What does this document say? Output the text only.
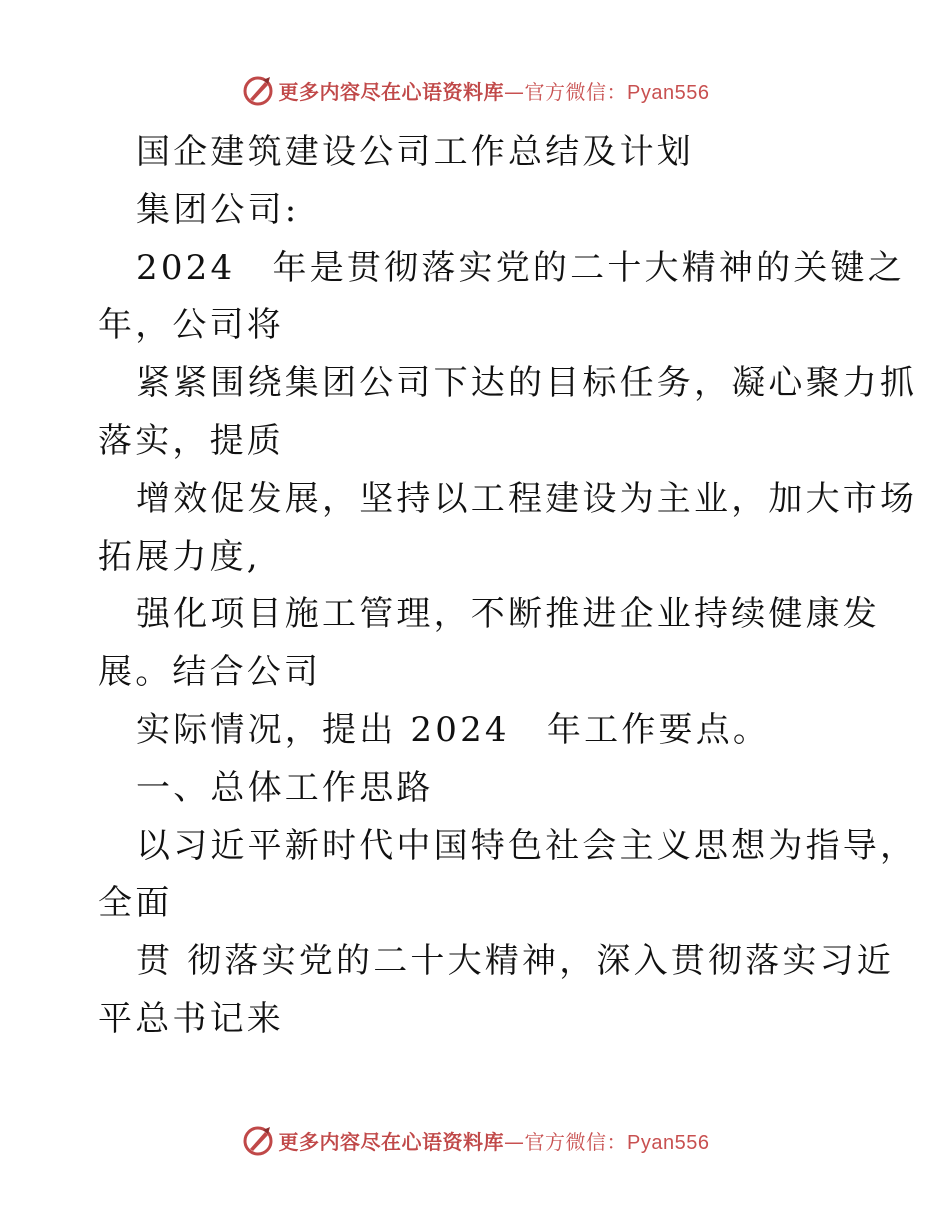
更多内容尽在心语资料库—官方微信：Pyan556
国企建筑建设公司工作总结及计划
集团公司:
2024　年是贯彻落实党的二十大精神的关键之
年，公司将
紧紧围绕集团公司下达的目标任务，凝心聚力抓
落实，提质
增效促发展，坚持以工程建设为主业，加大市场
拓展力度,
强化项目施工管理，不断推进企业持续健康发
展。结合公司
实际情况，提出 2024　年工作要点。
一、总体工作思路
以习近平新时代中国特色社会主义思想为指导，
全面
贯 彻落实党的二十大精神，深入贯彻落实习近
平总书记来
更多内容尽在心语资料库—官方微信：Pyan556
